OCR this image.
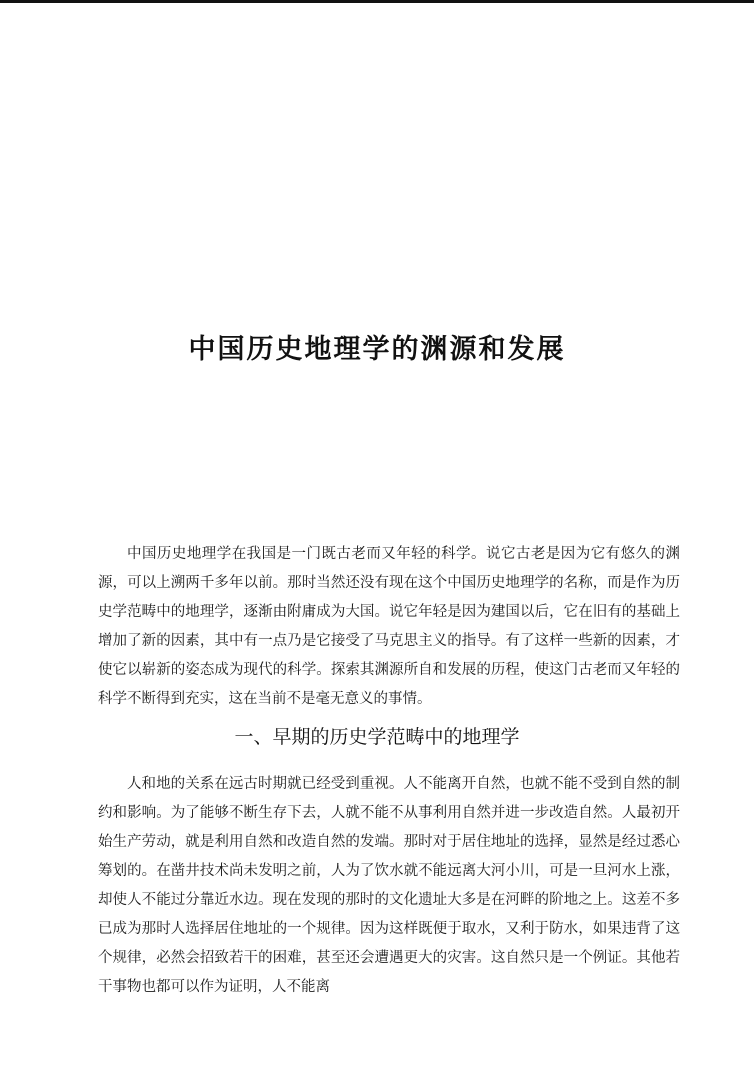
中国历史地理学的渊源和发展

中国历史地理学在我国是一门既古老而又年轻的科学。说它古老是因为它有悠久的渊源，可以上溯两千多年以前。那时当然还没有现在这个中国历史地理学的名称，而是作为历史学范畴中的地理学，逐渐由附庸成为大国。说它年轻是因为建国以后，它在旧有的基础上增加了新的因素，其中有一点乃是它接受了马克思主义的指导。有了这样一些新的因素，才使它以崭新的姿态成为现代的科学。探索其渊源所自和发展的历程，使这门古老而又年轻的科学不断得到充实，这在当前不是毫无意义的事情。

一、早期的历史学范畴中的地理学

人和地的关系在远古时期就已经受到重视。人不能离开自然，也就不能不受到自然的制约和影响。为了能够不断生存下去，人就不能不从事利用自然并进一步改造自然。人最初开始生产劳动，就是利用自然和改造自然的发端。那时对于居住地址的选择，显然是经过悉心筹划的。在凿井技术尚未发明之前，人为了饮水就不能远离大河小川，可是一旦河水上涨，却使人不能过分靠近水边。现在发现的那时的文化遗址大多是在河畔的阶地之上。这差不多已成为那时人选择居住地址的一个规律。因为这样既便于取水，又利于防水，如果违背了这个规律，必然会招致若干的困难，甚至还会遭遇更大的灾害。这自然只是一个例证。其他若干事物也都可以作为证明，人不能离
